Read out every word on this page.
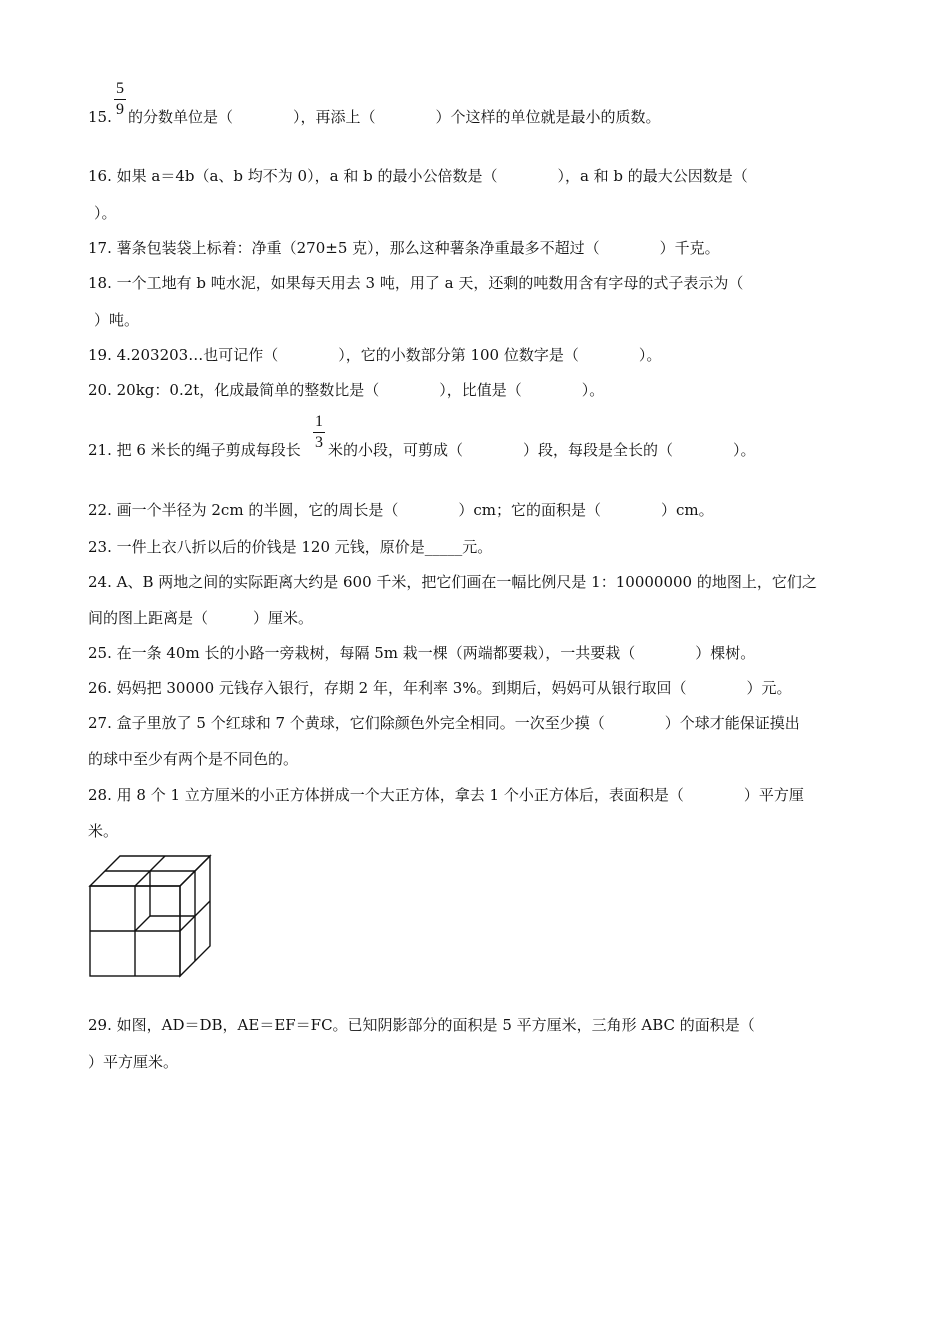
5
9
15. 的分数单位是（　　　　），再添上（　　　　）个这样的单位就是最小的质数。
16. 如果 a＝4b（a、b 均不为 0），a 和 b 的最小公倍数是（　　　　），a 和 b 的最大公因数是（
）。
17. 薯条包装袋上标着：净重（270±5 克），那么这种薯条净重最多不超过（　　　　）千克。
18. 一个工地有 b 吨水泥，如果每天用去 3 吨，用了 a 天，还剩的吨数用含有字母的式子表示为（
）吨。
19. 4.203203…也可记作（　　　　），它的小数部分第 100 位数字是（　　　　）。
20. 20kg：0.2t，化成最简单的整数比是（　　　　），比值是（　　　　）。
21. 把 6 米长的绳子剪成每段长
1
3 米的小段，可剪成（　　　　）段，每段是全长的（　　　　）。
22. 画一个半径为 2cm 的半圆，它的周长是（　　　　）cm；它的面积是（　　　　）cm。
23. 一件上衣八折以后的价钱是 120 元钱，原价是_____元。
24. A、B 两地之间的实际距离大约是 600 千米，把它们画在一幅比例尺是 1：10000000 的地图上，它们之
间的图上距离是（　　　）厘米。
25. 在一条 40m 长的小路一旁栽树，每隔 5m 栽一棵（两端都要栽），一共要栽（　　　　）棵树。
26. 妈妈把 30000 元钱存入银行，存期 2 年，年利率 3%。到期后，妈妈可从银行取回（　　　　）元。
27. 盒子里放了 5 个红球和 7 个黄球，它们除颜色外完全相同。一次至少摸（　　　　）个球才能保证摸出
的球中至少有两个是不同色的。
28. 用 8 个 1 立方厘米的小正方体拼成一个大正方体，拿去 1 个小正方体后，表面积是（　　　　）平方厘
米。
29. 如图，AD＝DB，AE＝EF＝FC。已知阴影部分的面积是 5 平方厘米，三角形 ABC 的面积是（
）平方厘米。
